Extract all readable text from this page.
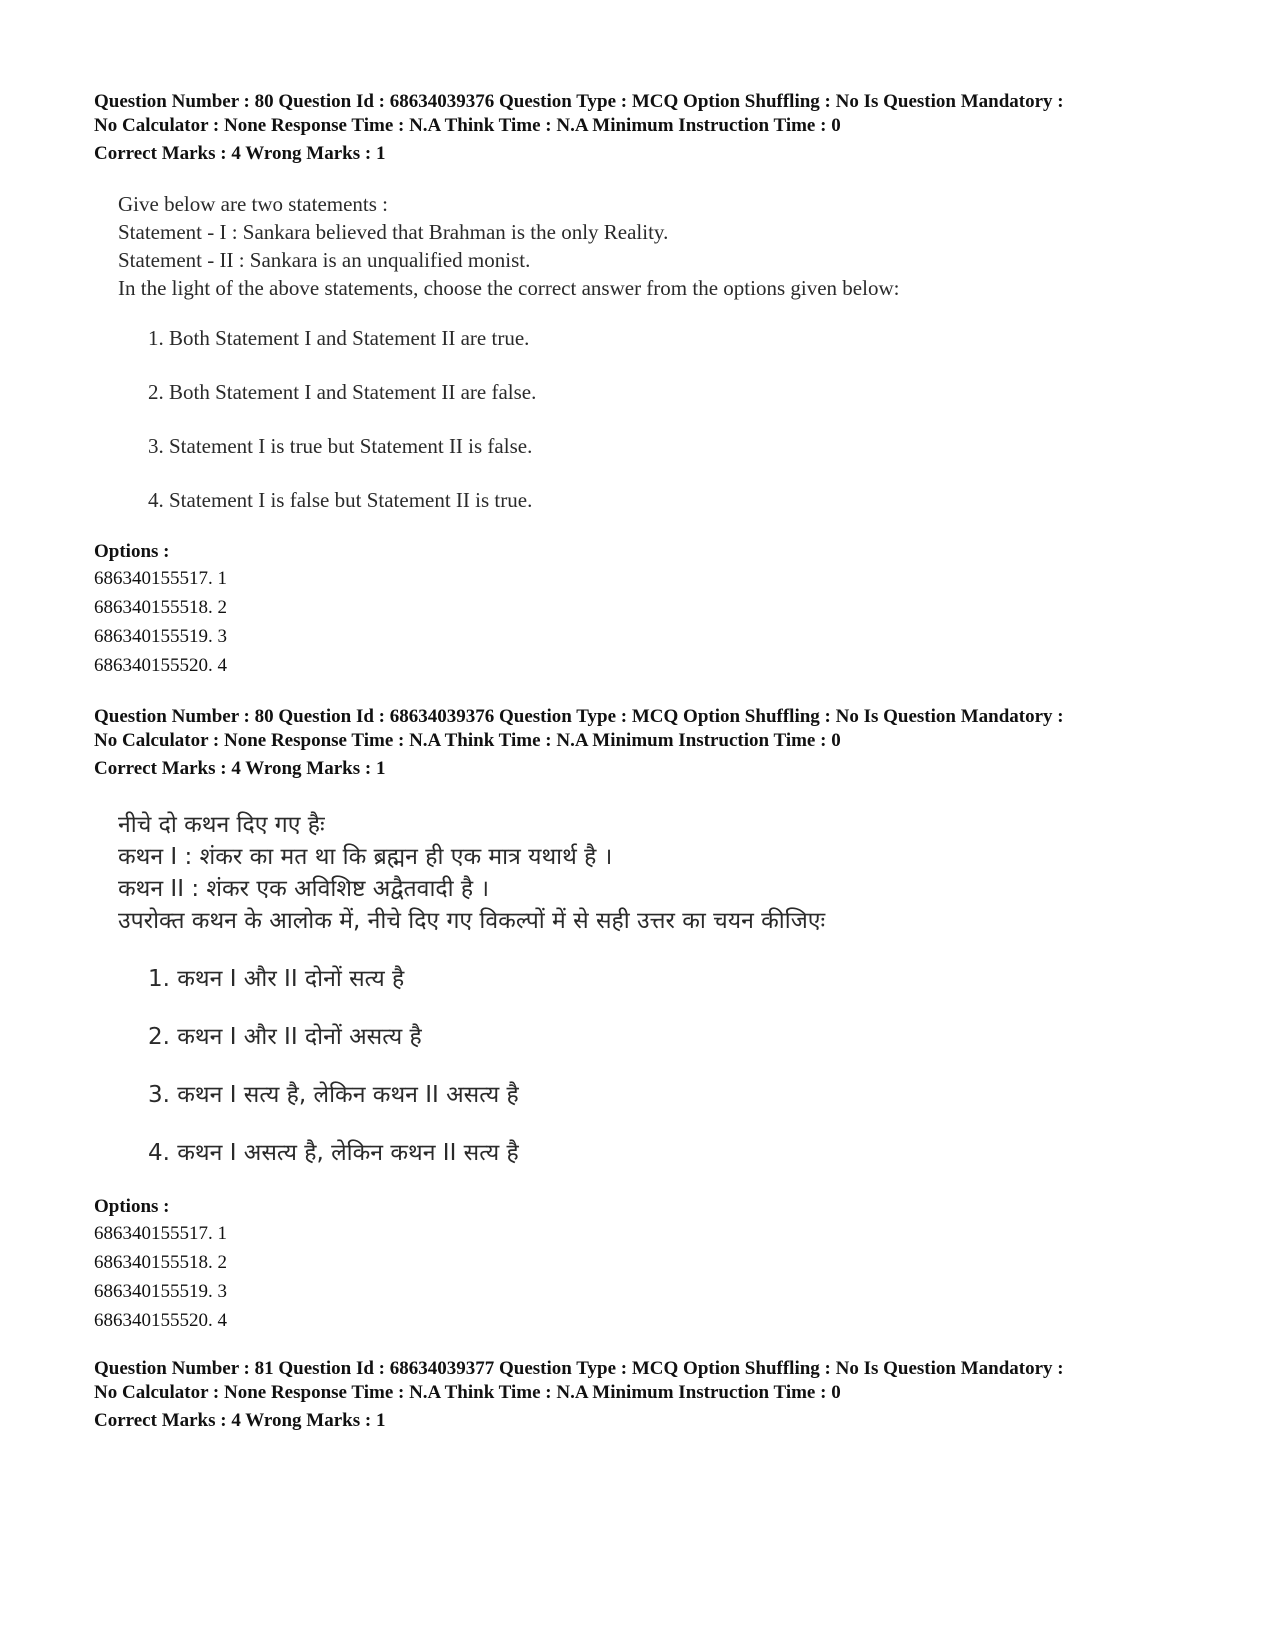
Question Number : 80 Question Id : 68634039376 Question Type : MCQ Option Shuffling : No Is Question Mandatory :
No Calculator : None Response Time : N.A Think Time : N.A Minimum Instruction Time : 0
Correct Marks : 4 Wrong Marks : 1
Give below are two statements :
Statement - I : Sankara believed that Brahman is the only Reality.
Statement - II : Sankara is an unqualified monist.
In the light of the above statements, choose the correct answer from the options given below:
1. Both Statement I and Statement II are true.
2. Both Statement I and Statement II are false.
3. Statement I is true but Statement II is false.
4. Statement I is false but Statement II is true.
Options :
686340155517. 1
686340155518. 2
686340155519. 3
686340155520. 4
Question Number : 80 Question Id : 68634039376 Question Type : MCQ Option Shuffling : No Is Question Mandatory :
No Calculator : None Response Time : N.A Think Time : N.A Minimum Instruction Time : 0
Correct Marks : 4 Wrong Marks : 1
नीचे दो कथन दिए गए हैः
कथन I : शंकर का मत था कि ब्रह्मन ही एक मात्र यथार्थ है ।
कथन II : शंकर एक अविशिष्ट अद्वैतवादी है ।
उपरोक्त कथन के आलोक में, नीचे दिए गए विकल्पों में से सही उत्तर का चयन कीजिएः
1. कथन I और II दोनों सत्य है
2. कथन I और II दोनों असत्य है
3. कथन I सत्य है, लेकिन कथन II असत्य है
4. कथन I असत्य है, लेकिन कथन II सत्य है
Options :
686340155517. 1
686340155518. 2
686340155519. 3
686340155520. 4
Question Number : 81 Question Id : 68634039377 Question Type : MCQ Option Shuffling : No Is Question Mandatory :
No Calculator : None Response Time : N.A Think Time : N.A Minimum Instruction Time : 0
Correct Marks : 4 Wrong Marks : 1
